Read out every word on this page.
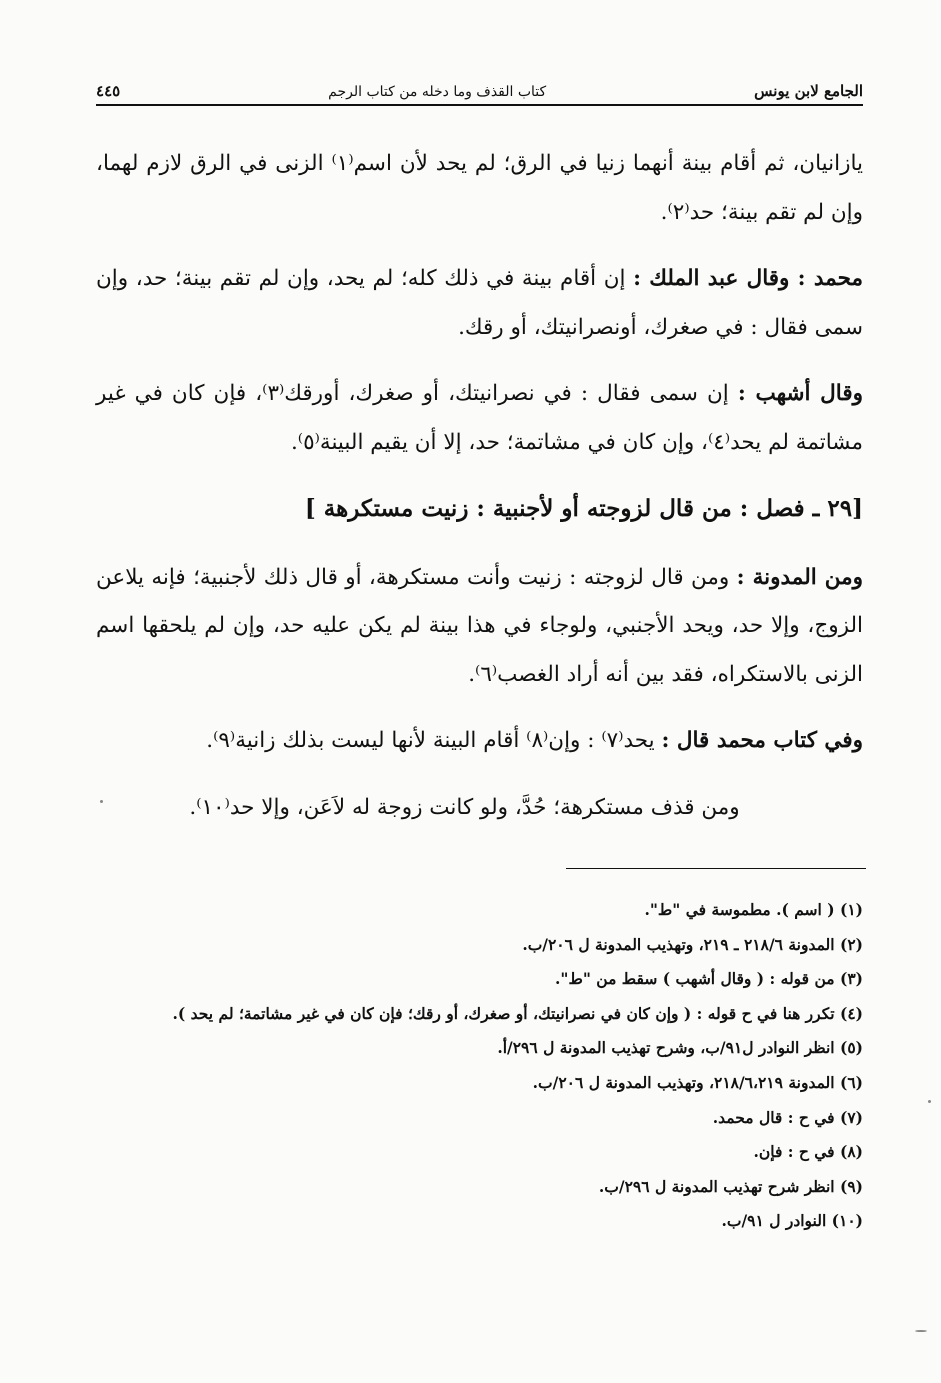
الجامع لابن يونس
كتاب القذف وما دخله من كتاب الرجم
٤٤٥

يازانيان، ثم أقام بينة أنهما زنيا في الرق؛ لم يحد لأن اسم⁽١⁾ الزنى في الرق لازم لهما، وإن لم تقم بينة؛ حد⁽٢⁾.

محمد : وقال عبد الملك : إن أقام بينة في ذلك كله؛ لم يحد، وإن لم تقم بينة؛ حد، وإن سمى فقال : في صغرك، أونصرانيتك، أو رقك.

وقال أشهب : إن سمى فقال : في نصرانيتك، أو صغرك، أورقك⁽٣⁾، فإن كان في غير مشاتمة لم يحد⁽٤⁾، وإن كان في مشاتمة؛ حد، إلا أن يقيم البينة⁽٥⁾.

[٢٩ ـ فصل : من قال لزوجته أو لأجنبية : زنيت مستكرهة ]

ومن المدونة : ومن قال لزوجته : زنيت وأنت مستكرهة، أو قال ذلك لأجنبية؛ فإنه يلاعن الزوج، وإلا حد، ويحد الأجنبي، ولوجاء في هذا بينة لم يكن عليه حد، وإن لم يلحقها اسم الزنى بالاستكراه، فقد بين أنه أراد الغصب⁽٦⁾.

وفي كتاب محمد قال : يحد⁽٧⁾ : وإن⁽٨⁾ أقام البينة لأنها ليست بذلك زانية⁽٩⁾.

ومن قذف مستكرهة؛ حُدَّ، ولو كانت زوجة له لاَعَن، وإلا حد⁽١٠⁾.

(١) ( اسم ). مطموسة في "ط".

(٢) المدونة ٢١٨/٦ ـ ٢١٩، وتهذيب المدونة ل ٢٠٦/ب.

(٣) من قوله : ( وقال أشهب ) سقط من "ط".

(٤) تكرر هنا في ح قوله : ( وإن كان في نصرانيتك، أو صغرك، أو رقك؛ فإن كان في غير مشاتمة؛ لم يحد ).

(٥) انظر النوادر ل٩١/ب، وشرح تهذيب المدونة ل ٢٩٦/أ.

(٦) المدونة ٢١٨/٦،٢١٩، وتهذيب المدونة ل ٢٠٦/ب.

(٧) في ح : قال محمد.

(٨) في ح : فإن.

(٩) انظر شرح تهذيب المدونة ل ٢٩٦/ب.

(١٠) النوادر ل ٩١/ب.
